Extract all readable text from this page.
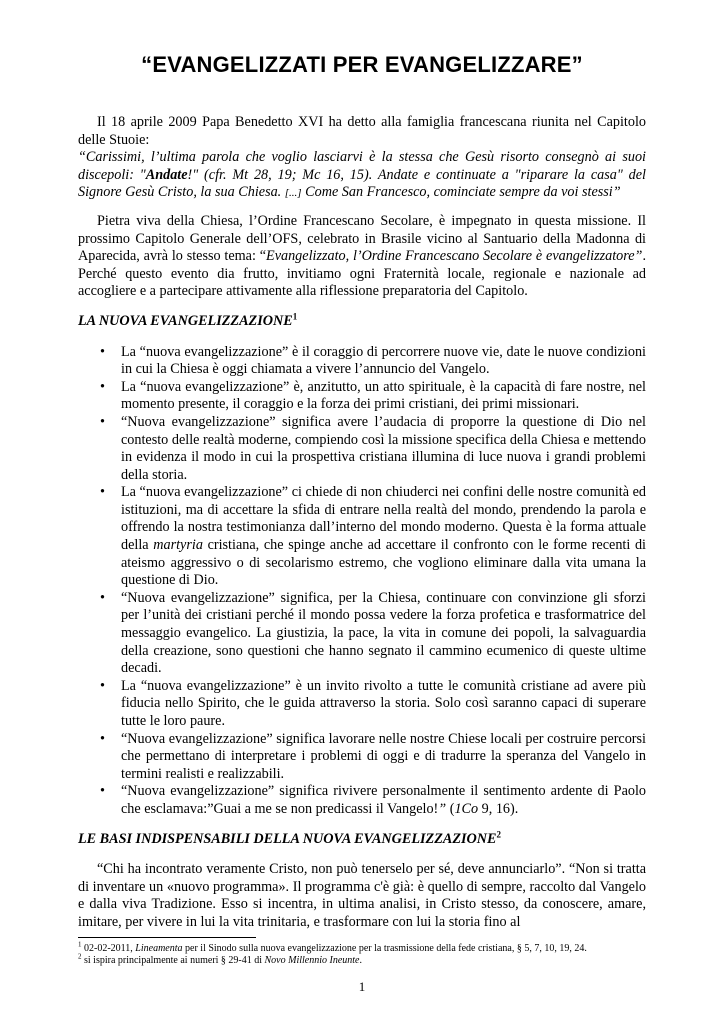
“EVANGELIZZATI PER EVANGELIZZARE”

Il 18 aprile 2009 Papa Benedetto XVI ha detto alla famiglia francescana riunita nel Capitolo delle Stuoie:
“Carissimi, l’ultima parola che voglio lasciarvi è la stessa che Gesù risorto consegnò ai suoi discepoli: "Andate!" (cfr. Mt 28, 19; Mc 16, 15). Andate e continuate a "riparare la casa" del Signore Gesù Cristo, la sua Chiesa. [...] Come San Francesco, cominciate sempre da voi stessi”

Pietra viva della Chiesa, l’Ordine Francescano Secolare, è impegnato in questa missione. Il prossimo Capitolo Generale dell’OFS, celebrato in Brasile vicino al Santuario della Madonna di Aparecida, avrà lo stesso tema: “Evangelizzato, l’Ordine Francescano Secolare è evangelizzatore”. Perché questo evento dia frutto, invitiamo ogni Fraternità locale, regionale e nazionale ad accogliere e a partecipare attivamente alla riflessione preparatoria del Capitolo.

LA NUOVA EVANGELIZZAZIONE$^1$

• La “nuova evangelizzazione” è il coraggio di percorrere nuove vie, date le nuove condizioni in cui la Chiesa è oggi chiamata a vivere l’annuncio del Vangelo.
• La “nuova evangelizzazione” è, anzitutto, un atto spirituale, è la capacità di fare nostre, nel momento presente, il coraggio e la forza dei primi cristiani, dei primi missionari.
• “Nuova evangelizzazione” significa avere l’audacia di proporre la questione di Dio nel contesto delle realtà moderne, compiendo così la missione specifica della Chiesa e mettendo in evidenza il modo in cui la prospettiva cristiana illumina di luce nuova i grandi problemi della storia.
• La “nuova evangelizzazione” ci chiede di non chiuderci nei confini delle nostre comunità ed istituzioni, ma di accettare la sfida di entrare nella realtà del mondo, prendendo la parola e offrendo la nostra testimonianza dall’interno del mondo moderno. Questa è la forma attuale della martyria cristiana, che spinge anche ad accettare il confronto con le forme recenti di ateismo aggressivo o di secolarismo estremo, che vogliono eliminare dalla vita umana la questione di Dio.
• “Nuova evangelizzazione” significa, per la Chiesa, continuare con convinzione gli sforzi per l’unità dei cristiani perché il mondo possa vedere la forza profetica e trasformatrice del messaggio evangelico. La giustizia, la pace, la vita in comune dei popoli, la salvaguardia della creazione, sono questioni che hanno segnato il cammino ecumenico di queste ultime decadi.
• La “nuova evangelizzazione” è un invito rivolto a tutte le comunità cristiane ad avere più fiducia nello Spirito, che le guida attraverso la storia. Solo così saranno capaci di superare tutte le loro paure.
• “Nuova evangelizzazione” significa lavorare nelle nostre Chiese locali per costruire percorsi che permettano di interpretare i problemi di oggi e di tradurre la speranza del Vangelo in termini realisti e realizzabili.
• “Nuova evangelizzazione” significa rivivere personalmente il sentimento ardente di Paolo che esclamava:”Guai a me se non predicassi il Vangelo!” (1Co 9, 16).

LE BASI INDISPENSABILI DELLA NUOVA EVANGELIZZAZIONE$^2$

“Chi ha incontrato veramente Cristo, non può tenerselo per sé, deve annunciarlo”. “Non si tratta di inventare un «nuovo programma». Il programma c'è già: è quello di sempre, raccolto dal Vangelo e dalla viva Tradizione. Esso si incentra, in ultima analisi, in Cristo stesso, da conoscere, amare, imitare, per vivere in lui la vita trinitaria, e trasformare con lui la storia fino al

$^1$ 02-02-2011, Lineamenta per il Sinodo sulla nuova evangelizzazione per la trasmissione della fede cristiana, § 5, 7, 10, 19, 24.
$^2$ si ispira principalmente ai numeri § 29-41 di Novo Millennio Ineunte.
1
